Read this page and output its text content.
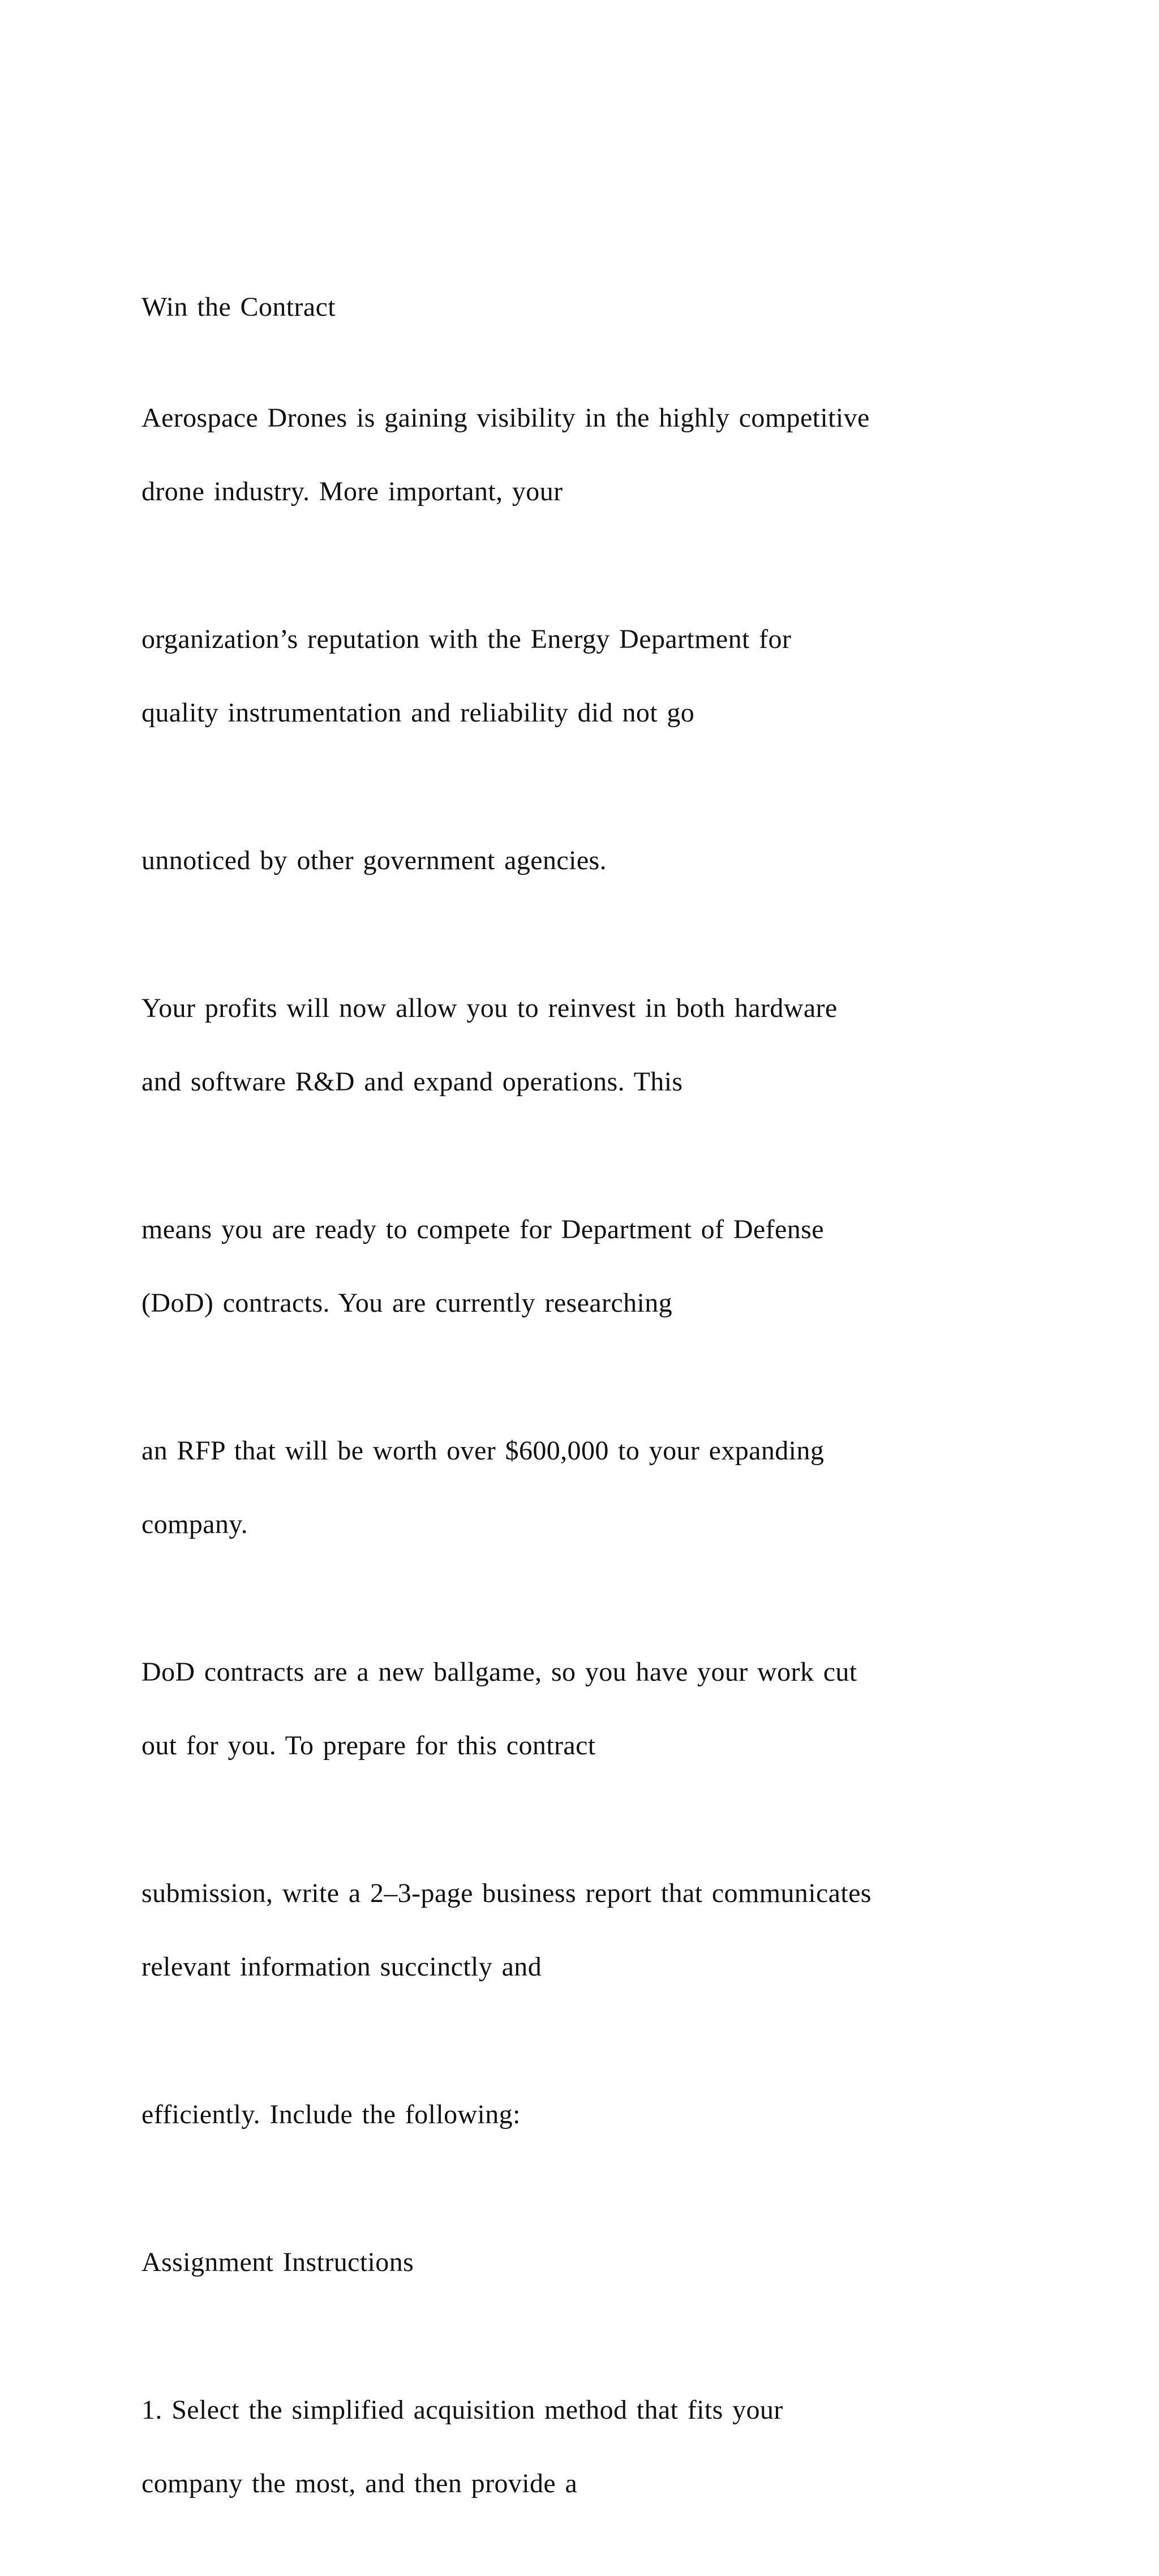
Win the Contract

Aerospace Drones is gaining visibility in the highly competitive

drone industry. More important, your

organization’s reputation with the Energy Department for

quality instrumentation and reliability did not go

unnoticed by other government agencies.

Your profits will now allow you to reinvest in both hardware

and software R&D and expand operations. This

means you are ready to compete for Department of Defense

(DoD) contracts. You are currently researching

an RFP that will be worth over $600,000 to your expanding

company.

DoD contracts are a new ballgame, so you have your work cut

out for you. To prepare for this contract

submission, write a 2–3-page business report that communicates

relevant information succinctly and

efficiently. Include the following:

Assignment Instructions

1. Select the simplified acquisition method that fits your

company the most, and then provide a
